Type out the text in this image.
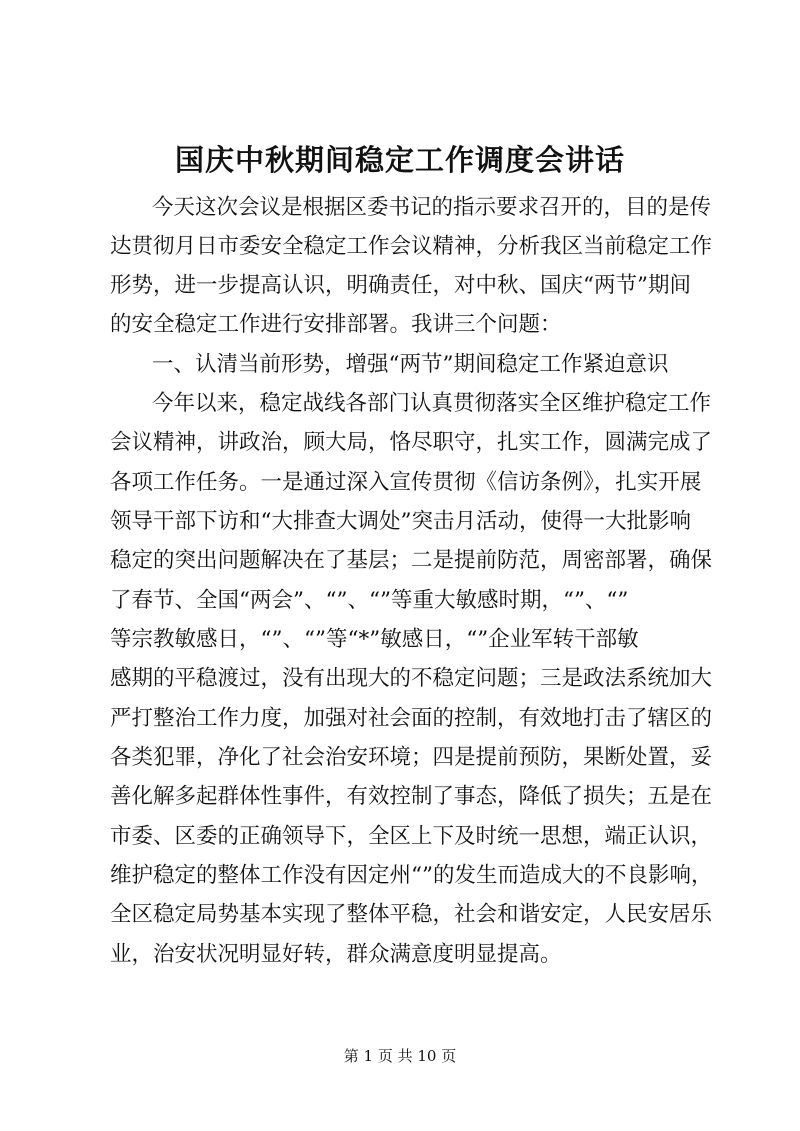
国庆中秋期间稳定工作调度会讲话
今天这次会议是根据区委书记的指示要求召开的，目的是传
达贯彻月日市委安全稳定工作会议精神，分析我区当前稳定工作
形势，进一步提高认识，明确责任，对中秋、国庆“两节”期间
的安全稳定工作进行安排部署。我讲三个问题：
一、认清当前形势，增强“两节”期间稳定工作紧迫意识
今年以来，稳定战线各部门认真贯彻落实全区维护稳定工作
会议精神，讲政治，顾大局，恪尽职守，扎实工作，圆满完成了
各项工作任务。一是通过深入宣传贯彻《信访条例》，扎实开展
领导干部下访和“大排查大调处”突击月活动，使得一大批影响
稳定的突出问题解决在了基层；二是提前防范，周密部署，确保
了春节、全国“两会”、“”、“”等重大敏感时期，“”、“”
等宗教敏感日，“”、“”等“*”敏感日，“”企业军转干部敏
感期的平稳渡过，没有出现大的不稳定问题；三是政法系统加大
严打整治工作力度，加强对社会面的控制，有效地打击了辖区的
各类犯罪，净化了社会治安环境；四是提前预防，果断处置，妥
善化解多起群体性事件，有效控制了事态，降低了损失；五是在
市委、区委的正确领导下，全区上下及时统一思想，端正认识，
维护稳定的整体工作没有因定州“”的发生而造成大的不良影响，
全区稳定局势基本实现了整体平稳，社会和谐安定，人民安居乐
业，治安状况明显好转，群众满意度明显提高。
第 1 页 共 10 页
